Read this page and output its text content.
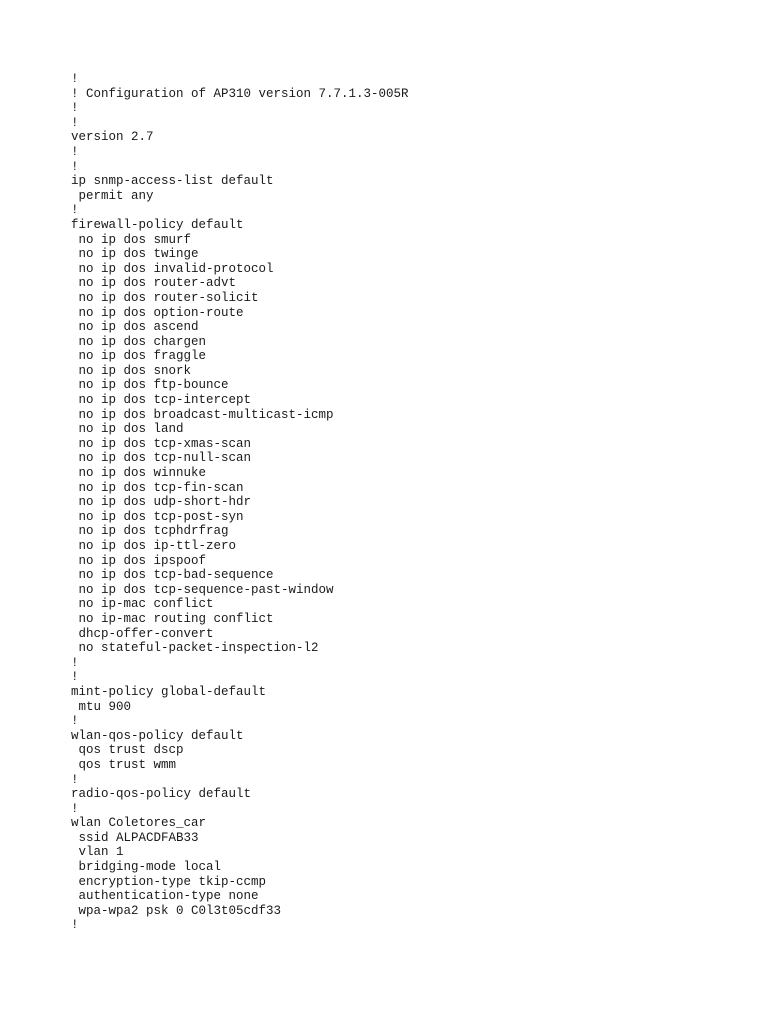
!
! Configuration of AP310 version 7.7.1.3-005R
!
!
version 2.7
!
!
ip snmp-access-list default
permit any
!
firewall-policy default
no ip dos smurf
no ip dos twinge
no ip dos invalid-protocol
no ip dos router-advt
no ip dos router-solicit
no ip dos option-route
no ip dos ascend
no ip dos chargen
no ip dos fraggle
no ip dos snork
no ip dos ftp-bounce
no ip dos tcp-intercept
no ip dos broadcast-multicast-icmp
no ip dos land
no ip dos tcp-xmas-scan
no ip dos tcp-null-scan
no ip dos winnuke
no ip dos tcp-fin-scan
no ip dos udp-short-hdr
no ip dos tcp-post-syn
no ip dos tcphdrfrag
no ip dos ip-ttl-zero
no ip dos ipspoof
no ip dos tcp-bad-sequence
no ip dos tcp-sequence-past-window
no ip-mac conflict
no ip-mac routing conflict
dhcp-offer-convert
no stateful-packet-inspection-l2
!
!
mint-policy global-default
mtu 900
!
wlan-qos-policy default
qos trust dscp
qos trust wmm
!
radio-qos-policy default
!
wlan Coletores_car
ssid ALPACDFAB33
vlan 1
bridging-mode local
encryption-type tkip-ccmp
authentication-type none
wpa-wpa2 psk 0 C0l3t05cdf33
!
